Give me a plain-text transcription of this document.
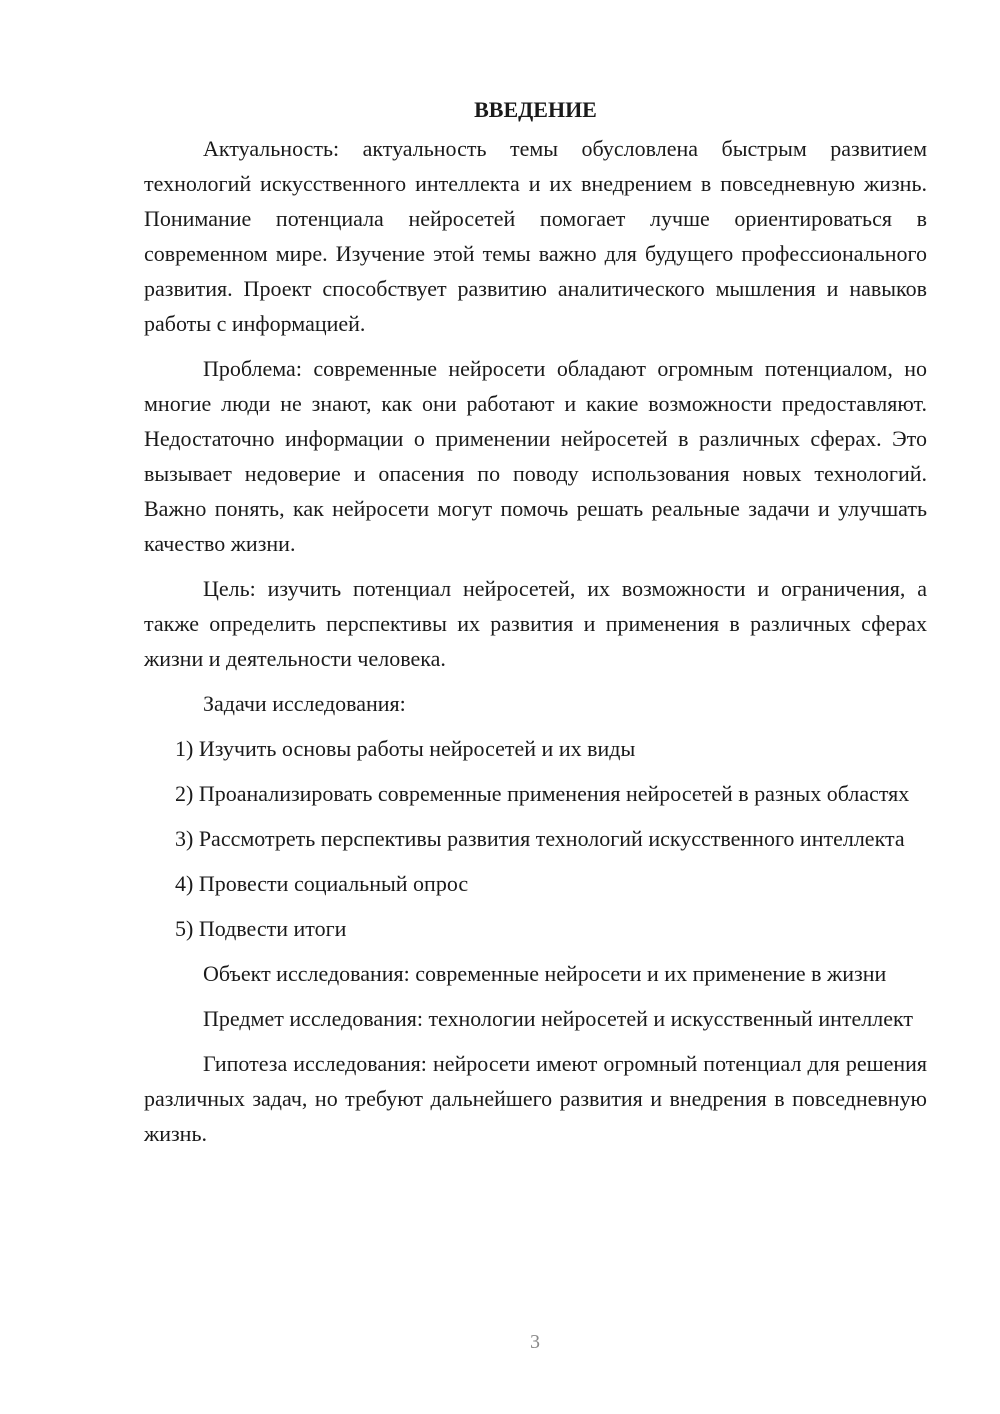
ВВЕДЕНИЕ

Актуальность: актуальность темы обусловлена быстрым развитием технологий искусственного интеллекта и их внедрением в повседневную жизнь. Понимание потенциала нейросетей помогает лучше ориентироваться в современном мире. Изучение этой темы важно для будущего профессионального развития. Проект способствует развитию аналитического мышления и навыков работы с информацией.

Проблема: современные нейросети обладают огромным потенциалом, но многие люди не знают, как они работают и какие возможности предоставляют. Недостаточно информации о применении нейросетей в различных сферах. Это вызывает недоверие и опасения по поводу использования новых технологий. Важно понять, как нейросети могут помочь решать реальные задачи и улучшать качество жизни.

Цель: изучить потенциал нейросетей, их возможности и ограничения, а также определить перспективы их развития и применения в различных сферах жизни и деятельности человека.

Задачи исследования:

1) Изучить основы работы нейросетей и их виды

2) Проанализировать современные применения нейросетей в разных областях

3) Рассмотреть перспективы развития технологий искусственного интеллекта

4) Провести социальный опрос

5) Подвести итоги

Объект исследования: современные нейросети и их применение в жизни

Предмет исследования: технологии нейросетей и искусственный интеллект

Гипотеза исследования: нейросети имеют огромный потенциал для решения различных задач, но требуют дальнейшего развития и внедрения в повседневную жизнь.

3
